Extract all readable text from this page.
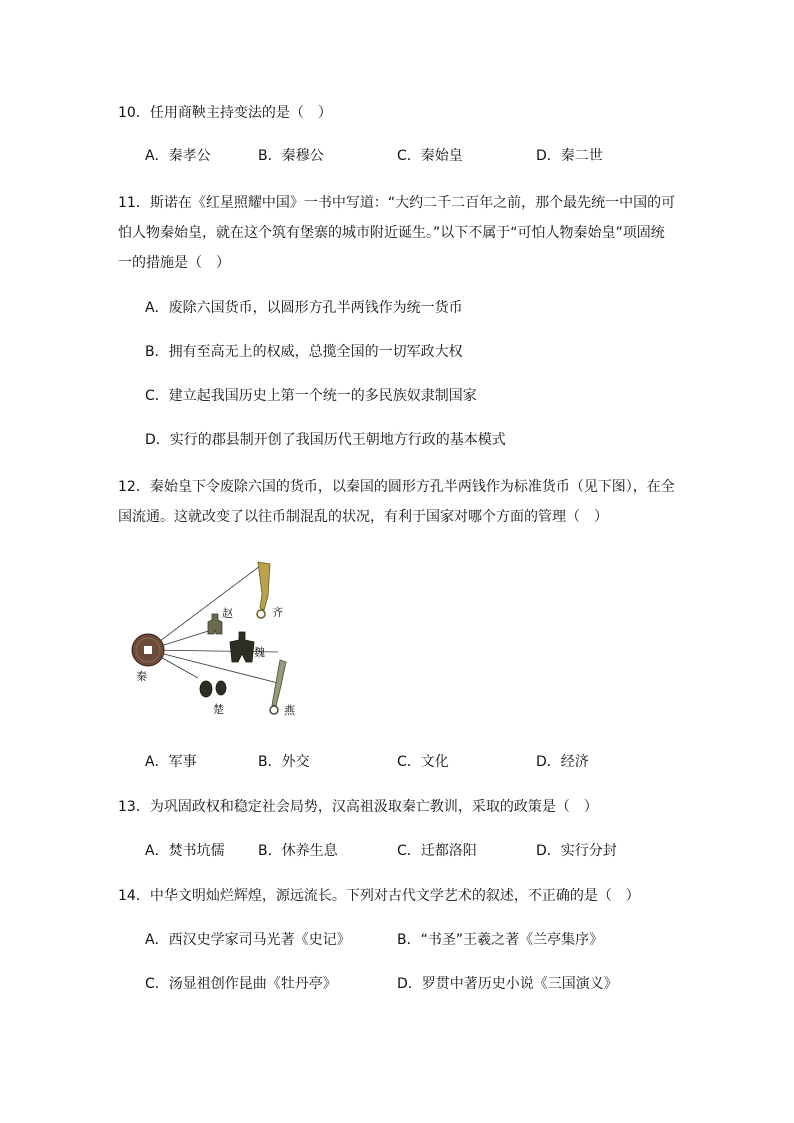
10．任用商鞅主持变法的是（　）
A．秦孝公	B．秦穆公	C．秦始皇	D．秦二世
11．斯诺在《红星照耀中国》一书中写道：“大约二千二百年之前，那个最先统一中国的可
怕人物秦始皇，就在这个筑有堡寨的城市附近诞生。”以下不属于“可怕人物秦始皇”项固统
一的措施是（　）
A．废除六国货币，以圆形方孔半两钱作为统一货币
B．拥有至高无上的权威，总揽全国的一切军政大权
C．建立起我国历史上第一个统一的多民族奴隶制国家
D．实行的郡县制开创了我国历代王朝地方行政的基本模式
12．秦始皇下令废除六国的货币，以秦国的圆形方孔半两钱作为标准货币（见下图），在全
国流通。这就改变了以往币制混乱的状况，有利于国家对哪个方面的管理（　）
秦
齐
赵
魏
燕
楚
A．军事	B．外交	C．文化	D．经济
13．为巩固政权和稳定社会局势，汉高祖汲取秦亡教训，采取的政策是（　）
A．焚书坑儒 B．休养生息	C．迁都洛阳	D．实行分封
14．中华文明灿烂辉煌，源远流长。下列对古代文学艺术的叙述，不正确的是（　）
A．西汉史学家司马光著《史记》	B．“书圣”王羲之著《兰亭集序》
C．汤显祖创作昆曲《牡丹亭》	D．罗贯中著历史小说《三国演义》
